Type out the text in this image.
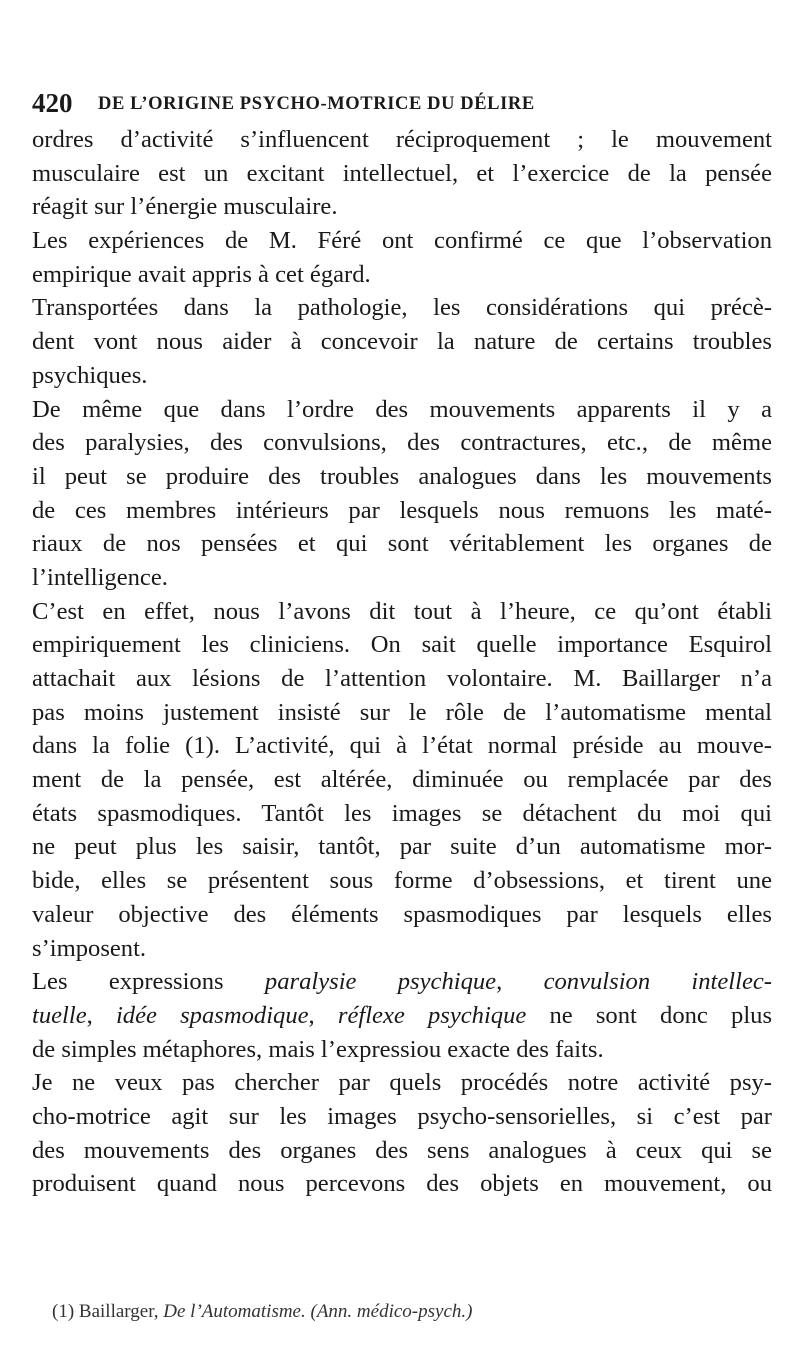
420 DE L’ORIGINE PSYCHO-MOTRICE DU DÉLIRE
ordres d’activité s’influencent réciproquement ; le mouvement
musculaire est un excitant intellectuel, et l’exercice de la pensée
réagit sur l’énergie musculaire.
Les expériences de M. Féré ont confirmé ce que l’observation
empirique avait appris à cet égard.
Transportées dans la pathologie, les considérations qui précè-
dent vont nous aider à concevoir la nature de certains troubles
psychiques.
De même que dans l’ordre des mouvements apparents il y a
des paralysies, des convulsions, des contractures, etc., de même
il peut se produire des troubles analogues dans les mouvements
de ces membres intérieurs par lesquels nous remuons les maté-
riaux de nos pensées et qui sont véritablement les organes de
l’intelligence.
C’est en effet, nous l’avons dit tout à l’heure, ce qu’ont établi
empiriquement les cliniciens. On sait quelle importance Esquirol
attachait aux lésions de l’attention volontaire. M. Baillarger n’a
pas moins justement insisté sur le rôle de l’automatisme mental
dans la folie (1). L’activité, qui à l’état normal préside au mouve-
ment de la pensée, est altérée, diminuée ou remplacée par des
états spasmodiques. Tantôt les images se détachent du moi qui
ne peut plus les saisir, tantôt, par suite d’un automatisme mor-
bide, elles se présentent sous forme d’obsessions, et tirent une
valeur objective des éléments spasmodiques par lesquels elles
s’imposent.
Les expressions paralysie psychique, convulsion intellec-
tuelle, idée spasmodique, réflexe psychique ne sont donc plus
de simples métaphores, mais l’expressiou exacte des faits.
Je ne veux pas chercher par quels procédés notre activité psy-
cho-motrice agit sur les images psycho-sensorielles, si c’est par
des mouvements des organes des sens analogues à ceux qui se
produisent quand nous percevons des objets en mouvement, ou
(1) Baillarger, De l’Automatisme. (Ann. médico-psych.)
